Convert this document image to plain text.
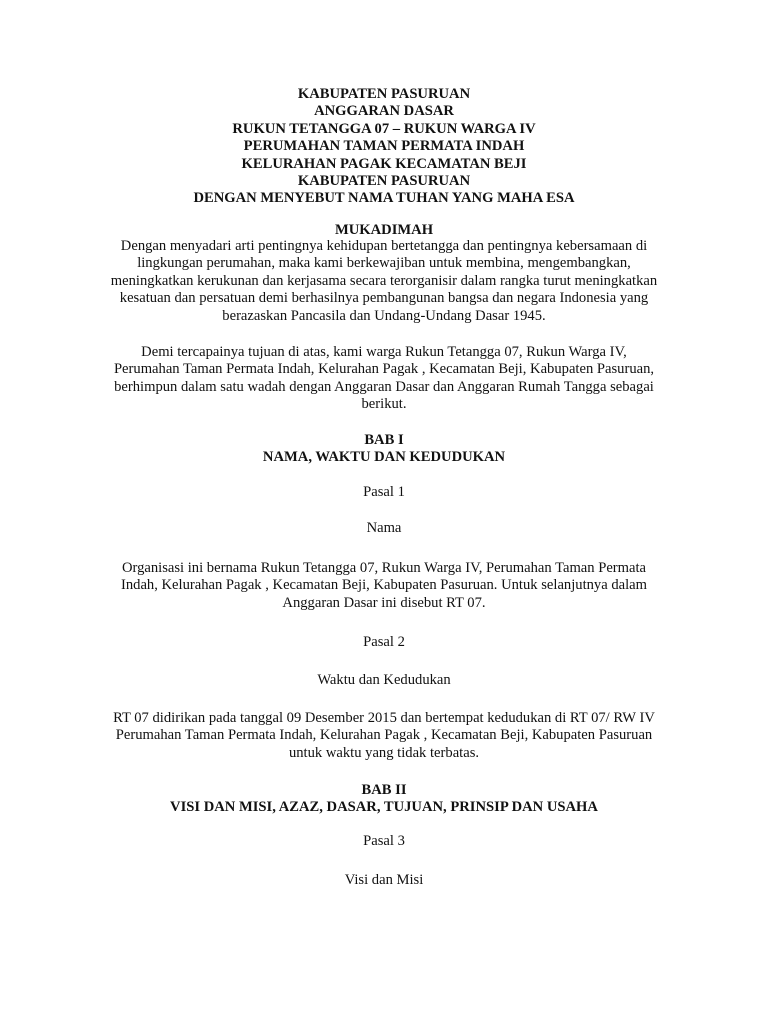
KABUPATEN PASURUAN
ANGGARAN DASAR
RUKUN TETANGGA 07 – RUKUN WARGA IV
PERUMAHAN TAMAN PERMATA INDAH
KELURAHAN PAGAK KECAMATAN BEJI
KABUPATEN PASURUAN
DENGAN MENYEBUT NAMA TUHAN YANG MAHA ESA
MUKADIMAH
Dengan menyadari arti pentingnya kehidupan bertetangga dan pentingnya kebersamaan di
lingkungan perumahan, maka kami berkewajiban untuk membina, mengembangkan,
meningkatkan kerukunan dan kerjasama secara terorganisir dalam rangka turut meningkatkan
kesatuan dan persatuan demi berhasilnya pembangunan bangsa dan negara Indonesia yang
berazaskan Pancasila dan Undang-Undang Dasar 1945.
Demi tercapainya tujuan di atas, kami warga Rukun Tetangga 07, Rukun Warga IV,
Perumahan Taman Permata Indah, Kelurahan Pagak , Kecamatan Beji, Kabupaten Pasuruan,
berhimpun dalam satu wadah dengan Anggaran Dasar dan Anggaran Rumah Tangga sebagai
berikut.
BAB I
NAMA, WAKTU DAN KEDUDUKAN
Pasal 1
Nama
Organisasi ini bernama Rukun Tetangga 07, Rukun Warga IV, Perumahan Taman Permata
Indah, Kelurahan Pagak , Kecamatan Beji, Kabupaten Pasuruan. Untuk selanjutnya dalam
Anggaran Dasar ini disebut RT 07.
Pasal 2
Waktu dan Kedudukan
RT 07 didirikan pada tanggal 09 Desember 2015 dan bertempat kedudukan di RT 07/ RW IV
Perumahan Taman Permata Indah, Kelurahan Pagak , Kecamatan Beji, Kabupaten Pasuruan
untuk waktu yang tidak terbatas.
BAB II
VISI DAN MISI, AZAZ, DASAR, TUJUAN, PRINSIP DAN USAHA
Pasal 3
Visi dan Misi
